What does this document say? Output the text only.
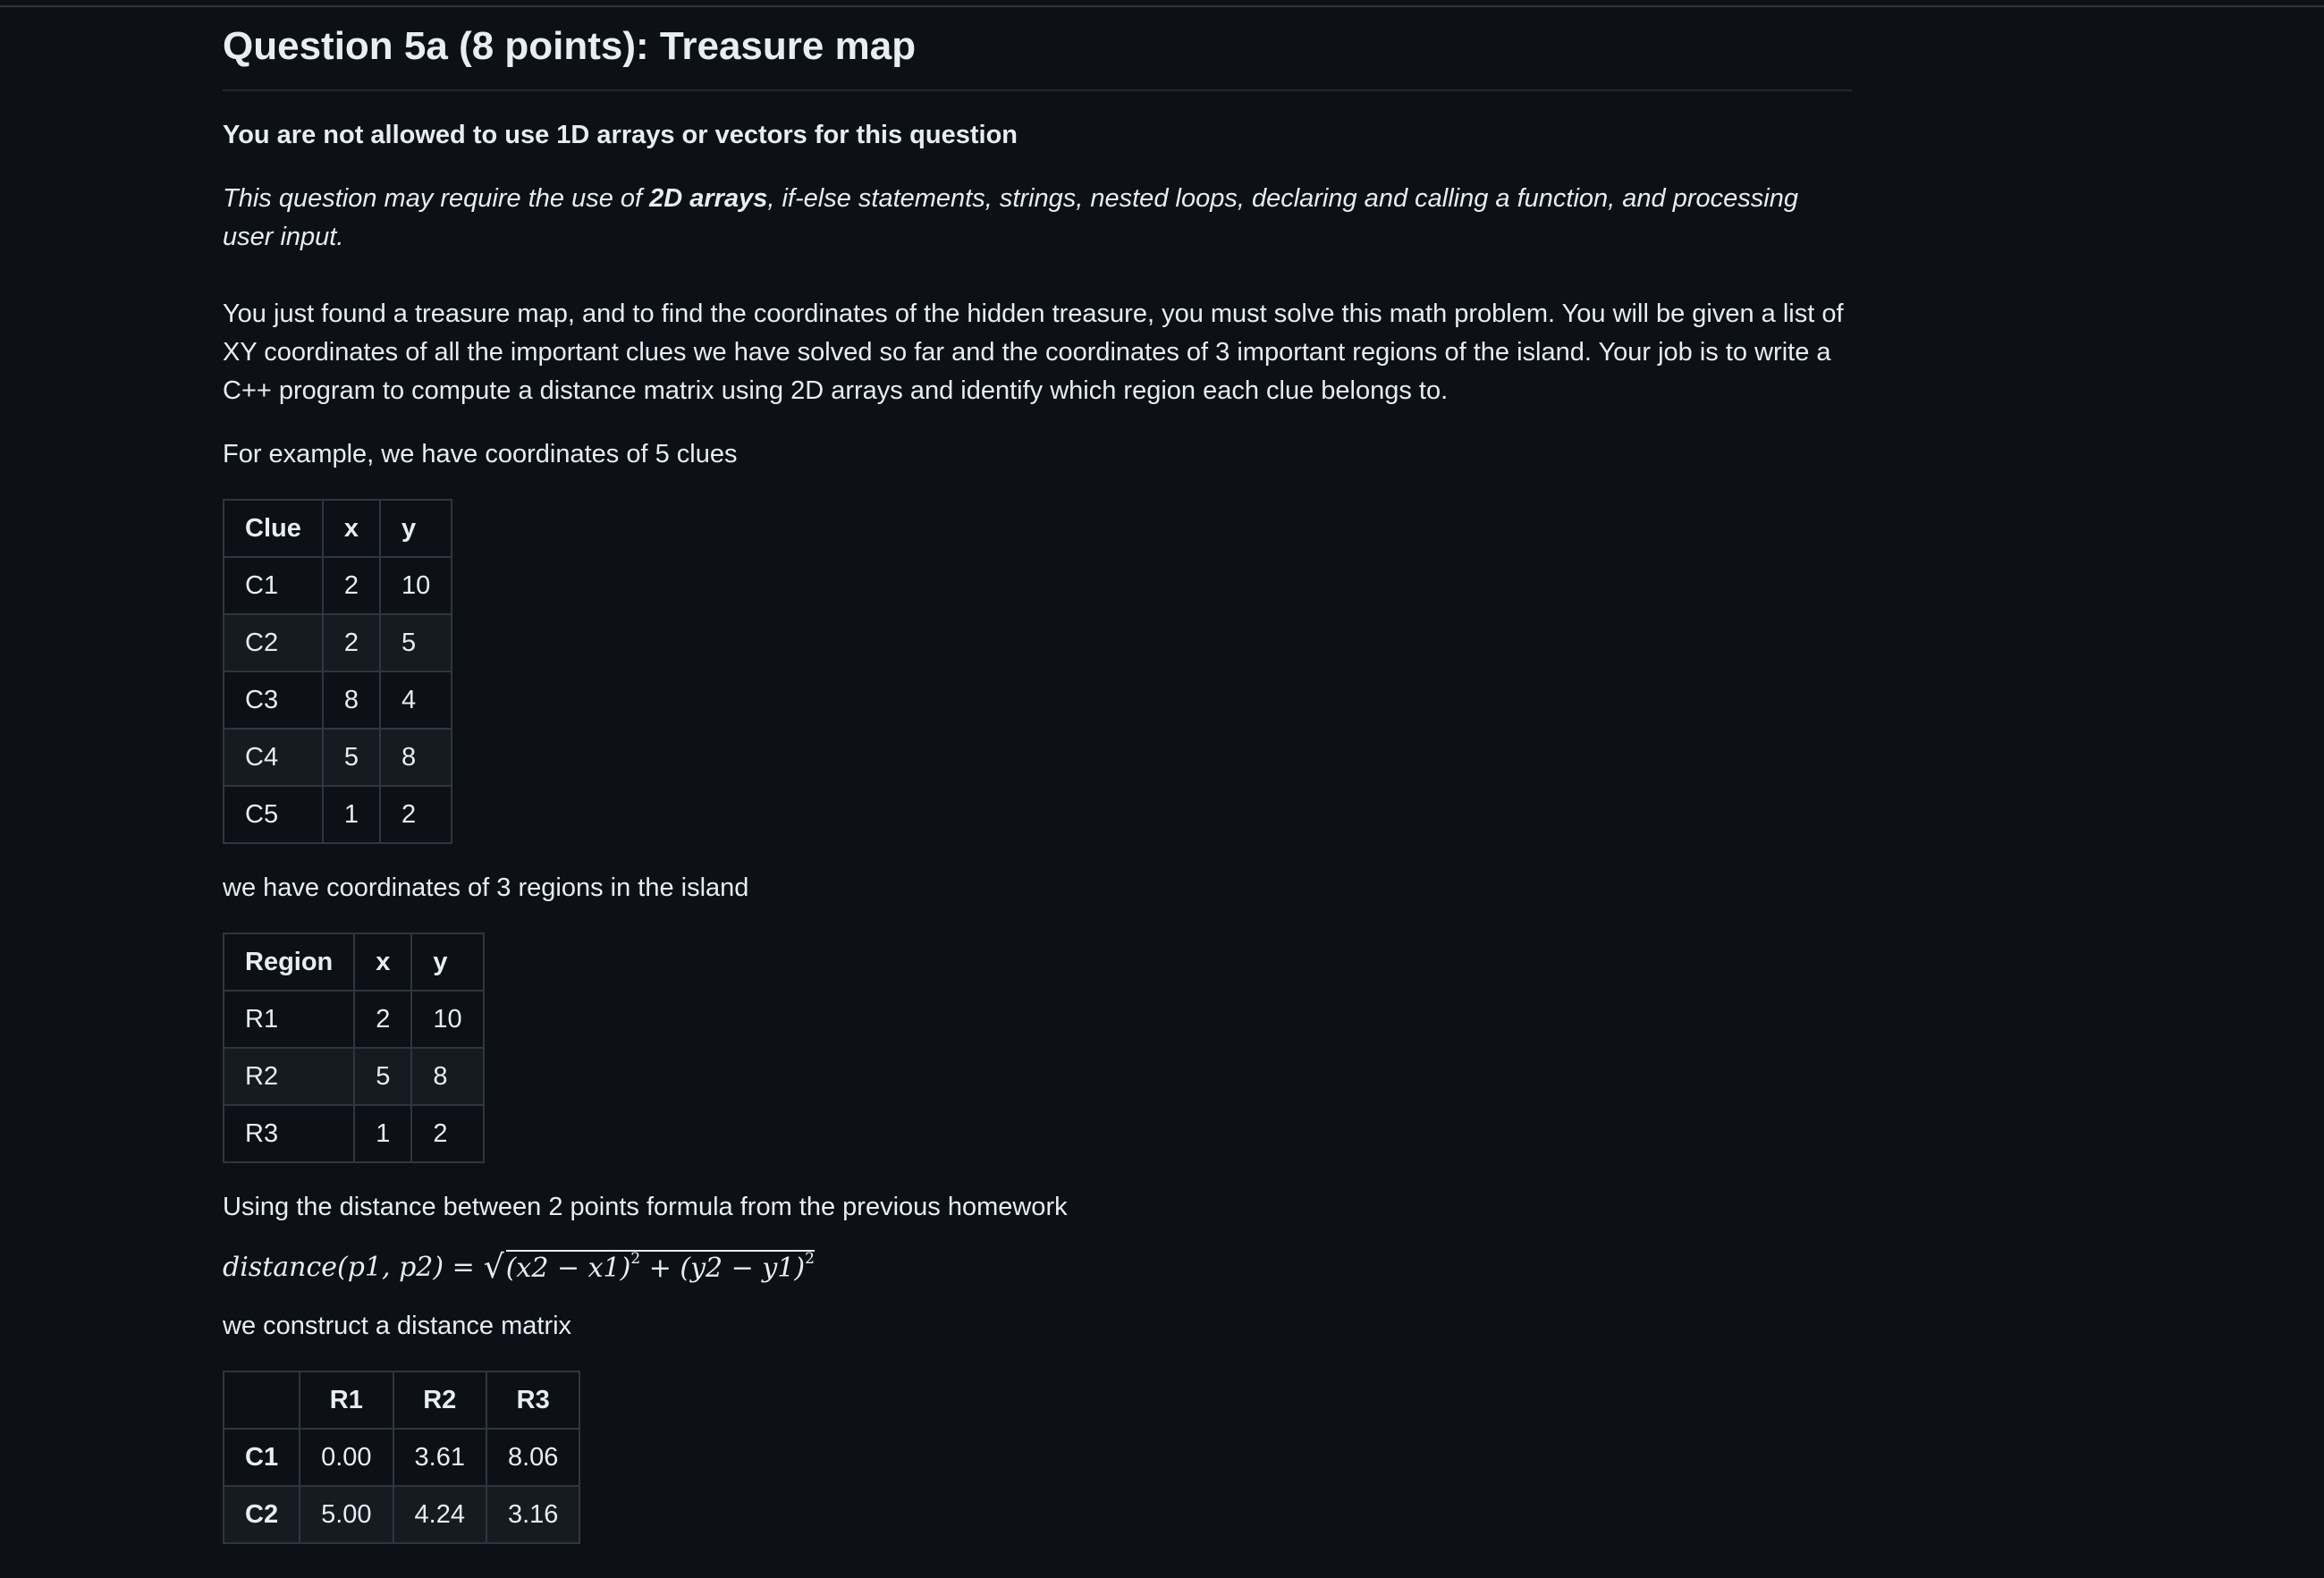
Question 5a (8 points): Treasure map

You are not allowed to use 1D arrays or vectors for this question

This question may require the use of 2D arrays, if-else statements, strings, nested loops, declaring and calling a function, and processing user input.

You just found a treasure map, and to find the coordinates of the hidden treasure, you must solve this math problem. You will be given a list of XY coordinates of all the important clues we have solved so far and the coordinates of 3 important regions of the island. Your job is to write a C++ program to compute a distance matrix using 2D arrays and identify which region each clue belongs to.

For example, we have coordinates of 5 clues

Clue	x	y
C1	2	10
C2	2	5
C3	8	4
C4	5	8
C5	1	2

we have coordinates of 3 regions in the island

Region	x	y
R1	2	10
R2	5	8
R3	1	2

Using the distance between 2 points formula from the previous homework

distance(p1, p2) = √ $(x2 - x1)^2 + (y2 - y1)^2$

we construct a distance matrix

	R1	R2	R3
C1	0.00	3.61	8.06
C2	5.00	4.24	3.16
